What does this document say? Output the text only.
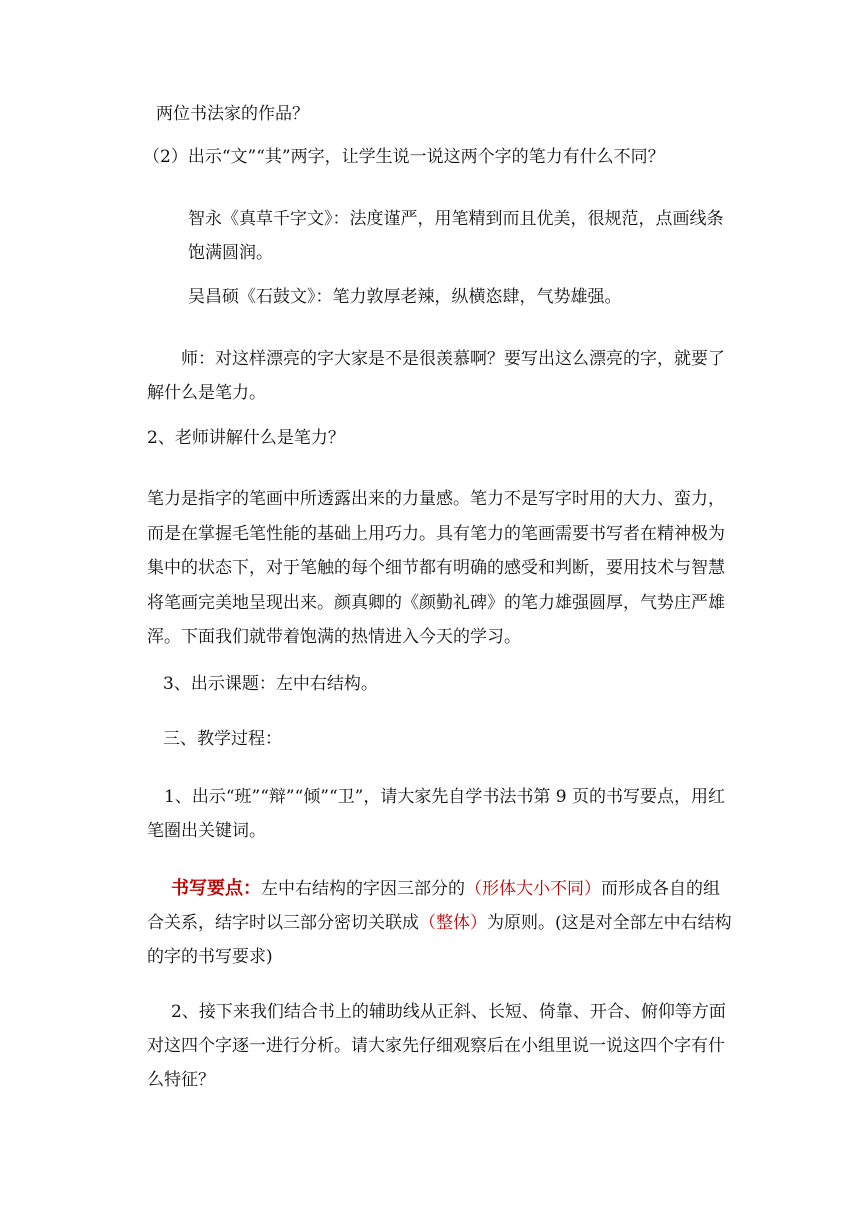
两位书法家的作品？

（2）出示“文”“其”两字，让学生说一说这两个字的笔力有什么不同？

智永《真草千字文》：法度谨严，用笔精到而且优美，很规范，点画线条饱满圆润。

吴昌硕《石鼓文》：笔力敦厚老辣，纵横恣肆，气势雄强。

师：对这样漂亮的字大家是不是很羡慕啊？要写出这么漂亮的字，就要了解什么是笔力。

2、老师讲解什么是笔力？

笔力是指字的笔画中所透露出来的力量感。笔力不是写字时用的大力、蛮力，而是在掌握毛笔性能的基础上用巧力。具有笔力的笔画需要书写者在精神极为集中的状态下，对于笔触的每个细节都有明确的感受和判断，要用技术与智慧将笔画完美地呈现出来。颜真卿的《颜勤礼碑》的笔力雄强圆厚，气势庄严雄浑。下面我们就带着饱满的热情进入今天的学习。

3、出示课题：左中右结构。

三、教学过程：

1、出示“班”“辩”“倾”“卫”，请大家先自学书法书第 9 页的书写要点，用红笔圈出关键词。

书写要点：左中右结构的字因三部分的（形体大小不同）而形成各自的组合关系，结字时以三部分密切关联成（整体）为原则。(这是对全部左中右结构的字的书写要求)

2、接下来我们结合书上的辅助线从正斜、长短、倚靠、开合、俯仰等方面对这四个字逐一进行分析。请大家先仔细观察后在小组里说一说这四个字有什么特征？
